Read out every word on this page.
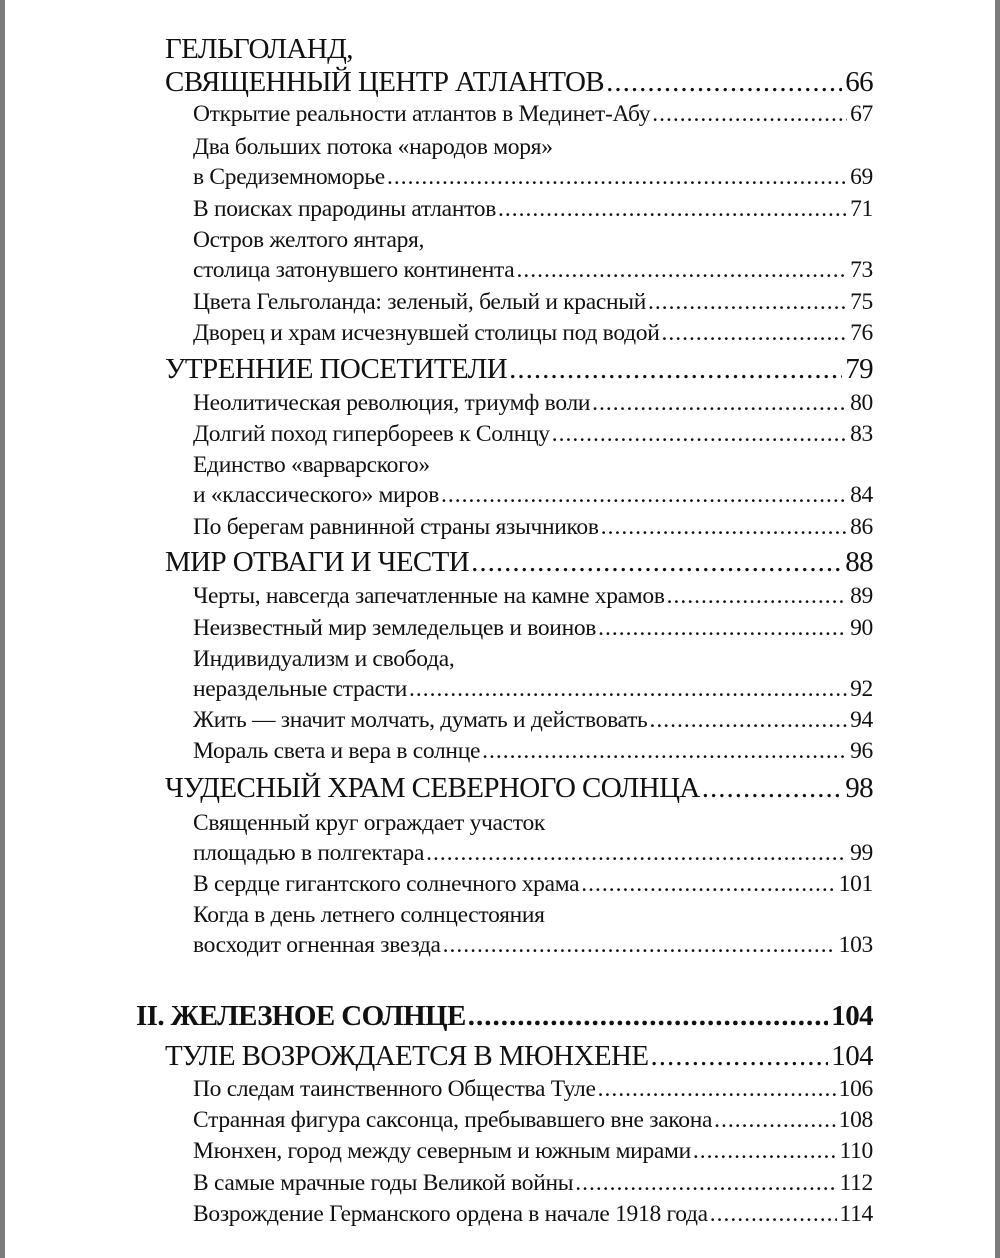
ГЕЛЬГОЛАНД,
СВЯЩЕННЫЙ ЦЕНТР АТЛАНТОВ .....	66
Открытие реальности атлантов в Мединет-Абу .....	67
Два больших потока «народов моря»
в Средиземноморье .....	69
В поисках прародины атлантов .....	71
Остров желтого янтаря,
столица затонувшего континента .....	73
Цвета Гельголанда: зеленый, белый и красный .....	75
Дворец и храм исчезнувшей столицы под водой .....	76
УТРЕННИЕ ПОСЕТИТЕЛИ .....	79
Неолитическая революция, триумф воли .....	80
Долгий поход гипербореев к Солнцу .....	83
Единство «варварского»
и «классического» миров .....	84
По берегам равнинной страны язычников .....	86
МИР ОТВАГИ И ЧЕСТИ .....	88
Черты, навсегда запечатленные на камне храмов .....	89
Неизвестный мир земледельцев и воинов .....	90
Индивидуализм и свобода,
нераздельные страсти .....	92
Жить — значит молчать, думать и действовать .....	94
Мораль света и вера в солнце .....	96
ЧУДЕСНЫЙ ХРАМ СЕВЕРНОГО СОЛНЦА .....	98
Священный круг ограждает участок
площадью в полгектара .....	99
В сердце гигантского солнечного храма .....	101
Когда в день летнего солнцестояния
восходит огненная звезда .....	103
II. ЖЕЛЕЗНОЕ СОЛНЦЕ .....	104
ТУЛЕ ВОЗРОЖДАЕТСЯ В МЮНХЕНЕ .....	104
По следам таинственного Общества Туле .....	106
Странная фигура саксонца, пребывавшего вне закона .....	108
Мюнхен, город между северным и южным мирами .....	110
В самые мрачные годы Великой войны .....	112
Возрождение Германского ордена в начале 1918 года .....	114
